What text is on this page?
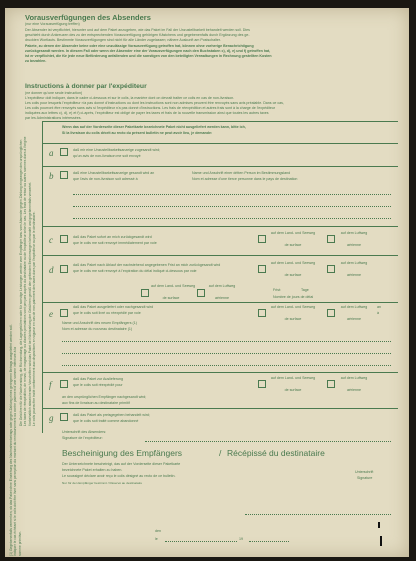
Vorausverfügungen des Absenders
(nur eine Vorausverfügung treffen)
Der Absender ist verpflichtet, hierunter und auf dem Paket anzugeben, wie das Paket im Fall der Unzustellbarkeit behandelt werden soll. Dies
geschieht durch Ankreuzen des zu der entsprechenden Vorausverfügung gehörigen Kästchens und gegebenenfalls durch Ergänzung des ge-
druckten Wortlauts. Bestimmte Vorausverfügungen sind nicht für alle Länder zugelassen; nähere Auskunft am Postschalter.
Pakete, zu denen der Absender keine oder eine unzulässige Vorausverfügung getroffen hat, können ohne vorherige Benachrichtigung
zurückgesandt werden. In diesem Fall oder wenn der Absender eine der Vorausverfügungen nach den Buchstaben c), d), e) und f) getroffen hat,
ist er verpflichtet, die für jede neue Beförderung anfallenden und die sonstigen von den beteiligten Verwaltungen in Rechnung gestellten Kosten
zu bezahlen.
Instructions à donner par l'expéditeur
(ne donner qu'une seule instruction)
L'expéditeur doit indiquer, dans le cadre ci-dessous et sur le colis, la manière dont on devrait traiter ce colis en cas de non-livraison.
Les colis pour lesquels l'expéditeur n'a pas donné d'instructions ou dont les instructions sont non admises peuvent être renvoyés sans avis préalable. Dans ce cas,
Les colis pourront être renvoyés sans avis si l'expéditeur n'a pas donné d'instructions. Les frais de réexpédition et autres frais sont à la charge de l'expéditeur
indiquées aux lettres c), d), e) et f) ci-après, l'expéditeur est obligé de payer les taxes et frais de la nouvelle transmission ainsi que toutes les autres taxes
par les Administrations intéressées.
Wenn das auf der Vorderseite dieser Paketkarte bezeichnete Paket nicht ausgeliefert werden kann, bitte ich,
Si la livraison du colis décrit au recto du présent bulletin ne peut avoir lieu, je demande:
a	daß mir eine Unzustellbarkeitsanzeige zugesandt wird;
qu'un avis de non-livraison me soit envoyé
b	daß eine Unzustellbarkeitsanzeige gesandt wird an
que l'avis de non-livraison soit adressé à
Name und Anschrift einer dritten Person im Bestimmungsland
Nom et adresse d'une tierce personne dans le pays de destination
c	daß das Paket sofort an mich zurückgesandt wird
que le colis me soit renvoyé immédiatement par voie
auf dem Land- und Seeweg
de surface
auf dem Luftweg
aérienne
d	daß das Paket nach Ablauf der nachstehend angegebenen Frist an mich zurückgesandt wird
que le colis me soit renvoyé à l'expiration du délai indiqué ci-dessous par voie
auf dem Land- und Seeweg
de surface
auf dem Luftweg
aérienne
auf dem Land- und Seeweg
de surface
auf dem Luftweg
aérienne
Frist:	Tage
Nombre de jours de délai
e
daß das Paket ausgeliefert oder nachgesandt wird
que le colis soit livré ou réexpédié par voie
auf dem Land- und Seeweg
de surface
auf dem Luftweg
aérienne
an
à
Name und Anschrift des neuen Empfängers (1)
Nom et adresse du nouveau destinataire (1)
f
daß das Paket zur Auslieferung
que le colis soit réexpédié pour
auf dem Land- und Seeweg
de surface
auf dem Luftweg
aérienne
an den ursprünglichen Empfänger nachgesandt wird;
aux fins de livraison au destinataire primitif
g	daß das Paket als preisgegeben behandelt wird;
que le colis soit traité comme abandonné
Unterschrift des Absenders:
Signature de l'expéditeur:
Bescheinigung des Empfängers	/ Récépissé du destinataire
Der Unterzeichnete bescheinigt, das auf der Vorderseite dieser Paketkarte
bezeichnete Paket erhalten zu haben.
Le soussigné déclare avoir reçu le colis désigné au recto de ce bulletin.
Nur für den Empfänger bestimmt / Réservé au destinataire
Unterschrift
Signature
den
le	19
Die Gebühren für die Nachsendung, die Rücksendung, die Lagergebühren oder für sonstige Leistungen werden vom Empfänger bzw. vom Absender gegen Zahlung eingezogen des ursprünglichen Les taxes de réexpédition, de renvoi, de magasinage ou d'autres prestations sont perçues auprès du destinataire ou de l'expéditeur selon le cas. Les frais de retour ou autres sommes dues à l'origine Vorbehaltlich abweichender Vorschriften wird das Paket bei Nichtzahlung der Gebühren gemäß den geltenden Bestimmungen behandelt und gegebenenfalls verwertet. Le colis pourra être traité conformément aux dispositions en vigueur en cas de non-paiement des taxes dues par l'expéditeur ou par le destinataire.
(1) Gegebenenfalls vermerken, ob das Paket ohne Einziehung des Nachnahmebetrags oder gegen Zahlung eines geringeren Betrags ausgeliefert werden soll. Indiquer le cas échéant si le colis doit être livré sans perception du montant du remboursement ou contre paiement d'une somme inférieure à la somme primitive.
